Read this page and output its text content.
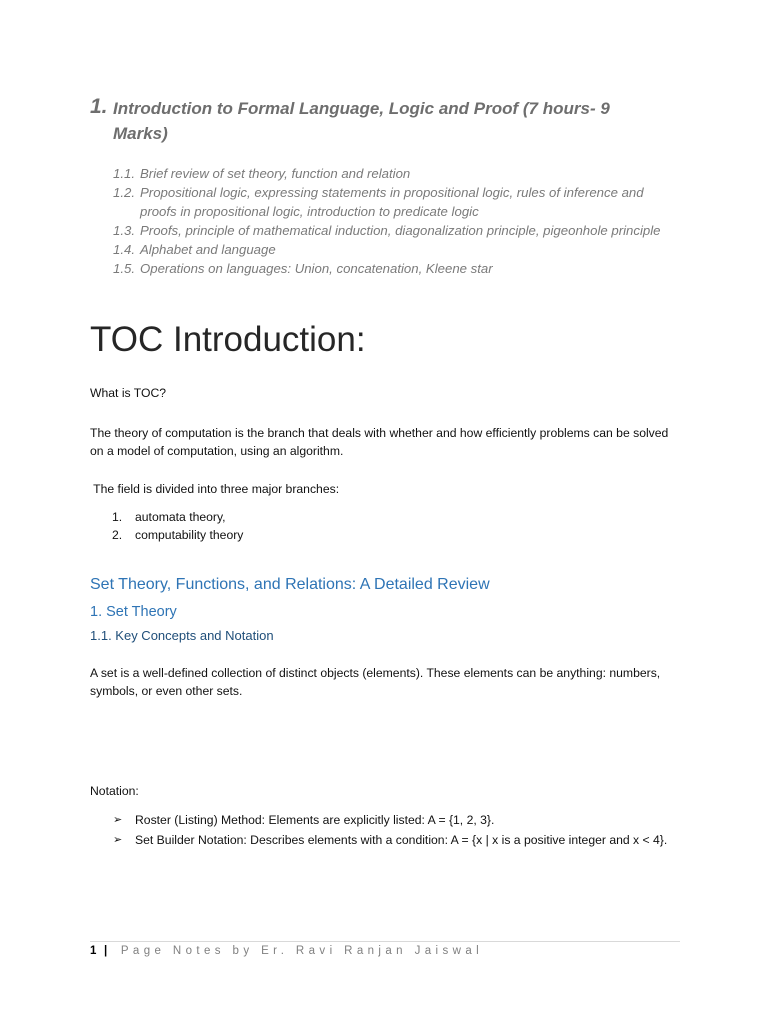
1. Introduction to Formal Language, Logic and Proof (7 hours- 9 Marks)
1.1. Brief review of set theory, function and relation
1.2. Propositional logic, expressing statements in propositional logic, rules of inference and proofs in propositional logic, introduction to predicate logic
1.3. Proofs, principle of mathematical induction, diagonalization principle, pigeonhole principle
1.4. Alphabet and language
1.5. Operations on languages: Union, concatenation, Kleene star
TOC Introduction:

What is TOC?

The theory of computation is the branch that deals with whether and how efficiently problems can be solved on a model of computation, using an algorithm.

The field is divided into three major branches:

1. automata theory,
2. computability theory
Set Theory, Functions, and Relations: A Detailed Review
1. Set Theory
1.1. Key Concepts and Notation

A set is a well-defined collection of distinct objects (elements). These elements can be anything: numbers, symbols, or even other sets.

Notation:

➢ Roster (Listing) Method: Elements are explicitly listed: A = {1, 2, 3}.
➢ Set Builder Notation: Describes elements with a condition: A = {x | x is a positive integer and x < 4}.
1 | Page Notes by Er. Ravi Ranjan Jaiswal
